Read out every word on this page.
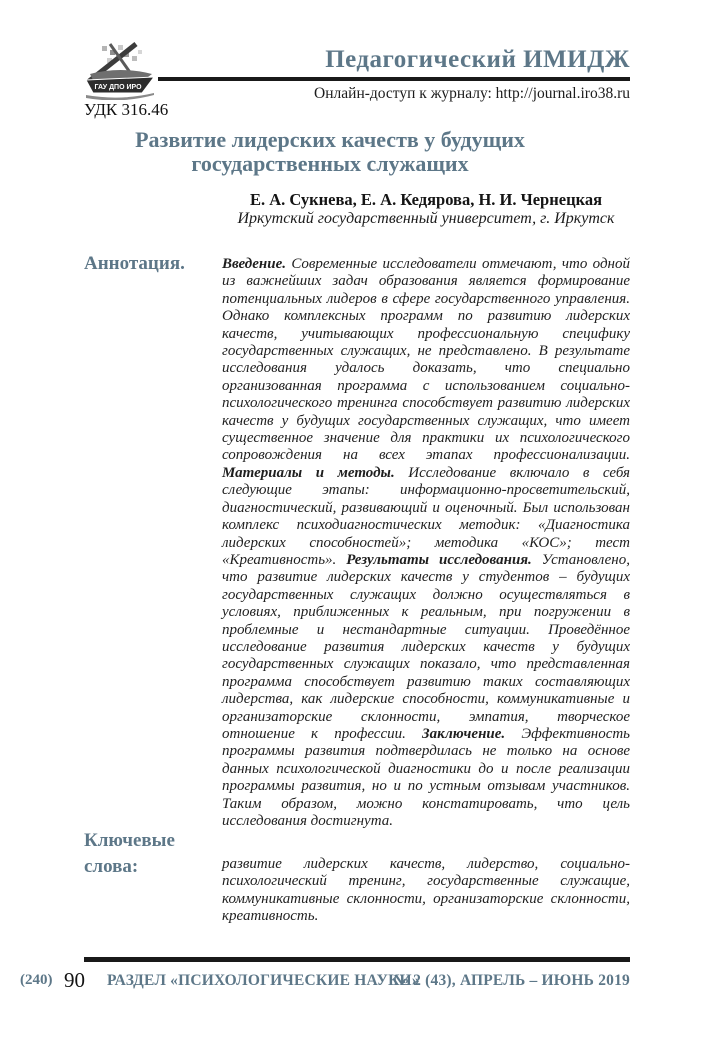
ГАУ ДПО ИРО
Педагогический ИМИДЖ
Онлайн-доступ к журналу: http://journal.iro38.ru
УДК 316.46
Развитие лидерских качеств у будущих
государственных служащих
Е. А. Сукнева, Е. А. Кедярова, Н. И. Чернецкая
Иркутский государственный университет, г. Иркутск
Аннотация. Введение. Современные исследователи отмечают, что одной из важнейших задач образования является формирование потенциальных лидеров в сфере государственного управления. Однако комплексных программ по развитию лидерских качеств, учитывающих профессиональную специфику государственных служащих, не представлено. В результате исследования удалось доказать, что специально организованная программа с использованием социально-психологического тренинга способствует развитию лидерских качеств у будущих государственных служащих, что имеет существенное значение для практики их психологического сопровождения на всех этапах профессионализации. Материалы и методы. Исследование включало в себя следующие этапы: информационно-просветительский, диагностический, развивающий и оценочный. Был использован комплекс психодиагностических методик: «Диагностика лидерских способностей»; методика «КОС»; тест «Креативность». Результаты исследования. Установлено, что развитие лидерских качеств у студентов – будущих государственных служащих должно осуществляться в условиях, приближенных к реальным, при погружении в проблемные и нестандартные ситуации. Проведённое исследование развития лидерских качеств у будущих государственных служащих показало, что представленная программа способствует развитию таких составляющих лидерства, как лидерские способности, коммуникативные и организаторские склонности, эмпатия, творческое отношение к профессии. Заключение. Эффективность программы развития подтвердилась не только на основе данных психологической диагностики до и после реализации программы развития, но и по устным отзывам участников. Таким образом, можно констатировать, что цель исследования достигнута.
Ключевые слова:	развитие лидерских качеств, лидерство, социально-психологический тренинг, государственные служащие, коммуникативные склонности, организаторские склонности, креативность.
(240) 90 РАЗДЕЛ «ПСИХОЛОГИЧЕСКИЕ НАУКИ»
№ 2 (43), АПРЕЛЬ – ИЮНЬ 2019
